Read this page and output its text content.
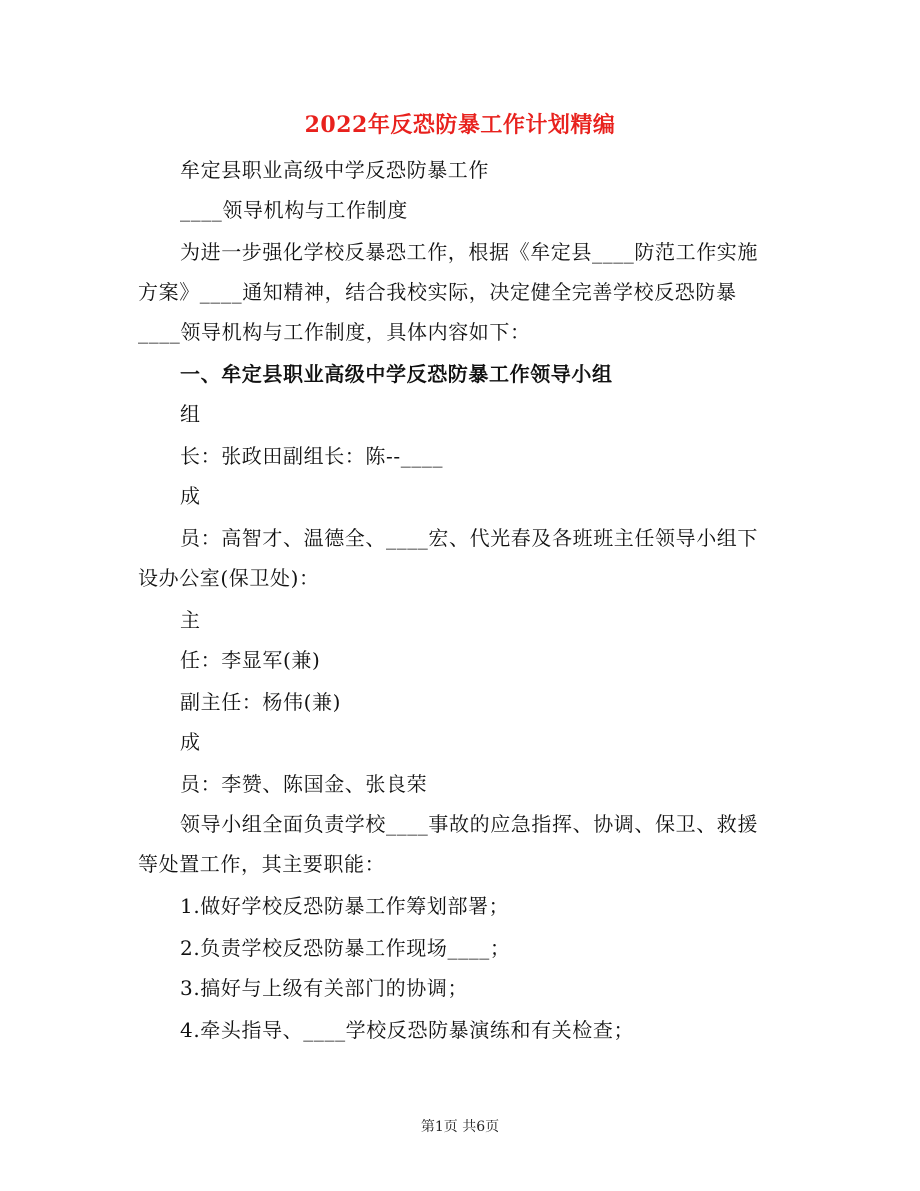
2022年反恐防暴工作计划精编
牟定县职业高级中学反恐防暴工作
____领导机构与工作制度
为进一步强化学校反暴恐工作，根据《牟定县____防范工作实施方案》____通知精神，结合我校实际，决定健全完善学校反恐防暴____领导机构与工作制度，具体内容如下：
一、牟定县职业高级中学反恐防暴工作领导小组
组
长：张政田副组长：陈--____
成
员：高智才、温德全、____宏、代光春及各班班主任领导小组下设办公室(保卫处)：
主
任：李显军(兼)
副主任：杨伟(兼)
成
员：李赞、陈国金、张良荣
领导小组全面负责学校____事故的应急指挥、协调、保卫、救援等处置工作，其主要职能：
1.做好学校反恐防暴工作筹划部署；
2.负责学校反恐防暴工作现场____；
3.搞好与上级有关部门的协调；
4.牵头指导、____学校反恐防暴演练和有关检查；
第1页 共6页
